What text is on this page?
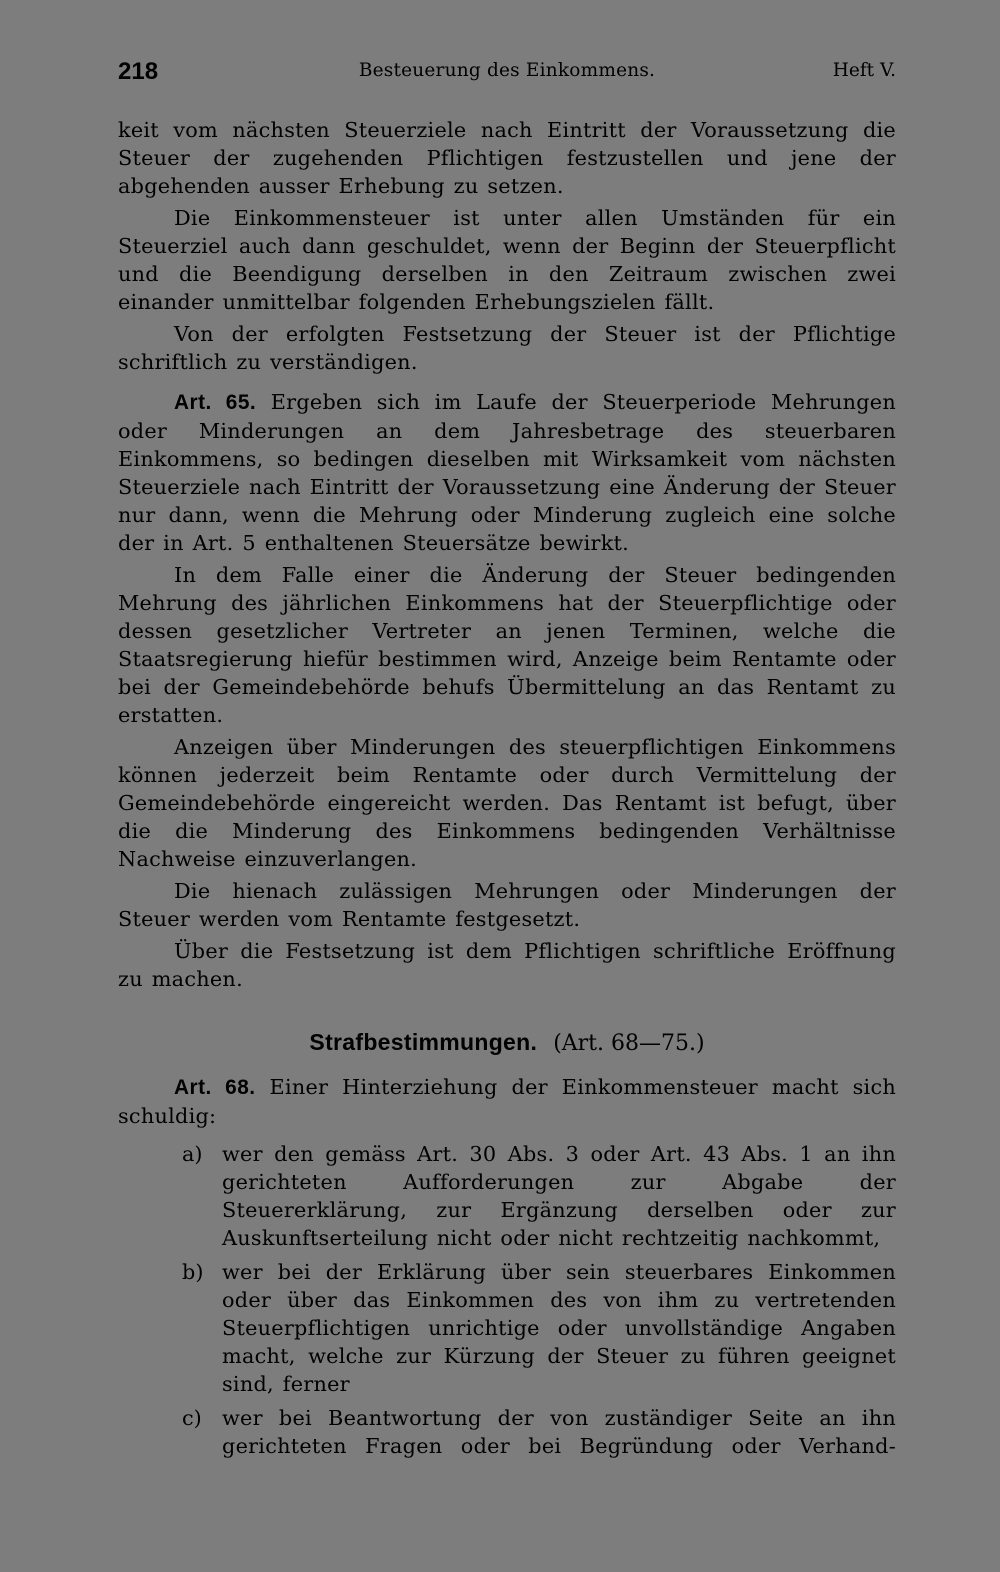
218	Besteuerung des Einkommens.	Heft V.

keit vom nächsten Steuerziele nach Eintritt der Voraussetzung die Steuer der zugehenden Pflichtigen festzustellen und jene der abgehenden ausser Erhebung zu setzen.

Die Einkommensteuer ist unter allen Umständen für ein Steuerziel auch dann geschuldet, wenn der Beginn der Steuerpflicht und die Beendigung derselben in den Zeitraum zwischen zwei einander unmittelbar folgenden Erhebungszielen fällt.

Von der erfolgten Festsetzung der Steuer ist der Pflichtige schriftlich zu verständigen.

Art. 65. Ergeben sich im Laufe der Steuerperiode Mehrungen oder Minderungen an dem Jahresbetrage des steuerbaren Einkommens, so bedingen dieselben mit Wirksamkeit vom nächsten Steuerziele nach Eintritt der Voraussetzung eine Änderung der Steuer nur dann, wenn die Mehrung oder Minderung zugleich eine solche der in Art. 5 enthaltenen Steuersätze bewirkt.

In dem Falle einer die Änderung der Steuer bedingenden Mehrung des jährlichen Einkommens hat der Steuerpflichtige oder dessen gesetzlicher Vertreter an jenen Terminen, welche die Staatsregierung hiefür bestimmen wird, Anzeige beim Rentamte oder bei der Gemeindebehörde behufs Übermittelung an das Rentamt zu erstatten.

Anzeigen über Minderungen des steuerpflichtigen Einkommens können jederzeit beim Rentamte oder durch Vermittelung der Gemeindebehörde eingereicht werden. Das Rentamt ist befugt, über die die Minderung des Einkommens bedingenden Verhältnisse Nachweise einzuverlangen.

Die hienach zulässigen Mehrungen oder Minderungen der Steuer werden vom Rentamte festgesetzt.

Über die Festsetzung ist dem Pflichtigen schriftliche Eröffnung zu machen.

Strafbestimmungen. (Art. 68—75.)

Art. 68. Einer Hinterziehung der Einkommensteuer macht sich schuldig:

a) wer den gemäss Art. 30 Abs. 3 oder Art. 43 Abs. 1 an ihn gerichteten Aufforderungen zur Abgabe der Steuererklärung, zur Ergänzung derselben oder zur Auskunftserteilung nicht oder nicht rechtzeitig nachkommt,

b) wer bei der Erklärung über sein steuerbares Einkommen oder über das Einkommen des von ihm zu vertretenden Steuerpflichtigen unrichtige oder unvollständige Angaben macht, welche zur Kürzung der Steuer zu führen geeignet sind, ferner

c) wer bei Beantwortung der von zuständiger Seite an ihn gerichteten Fragen oder bei Begründung oder Verhand-
